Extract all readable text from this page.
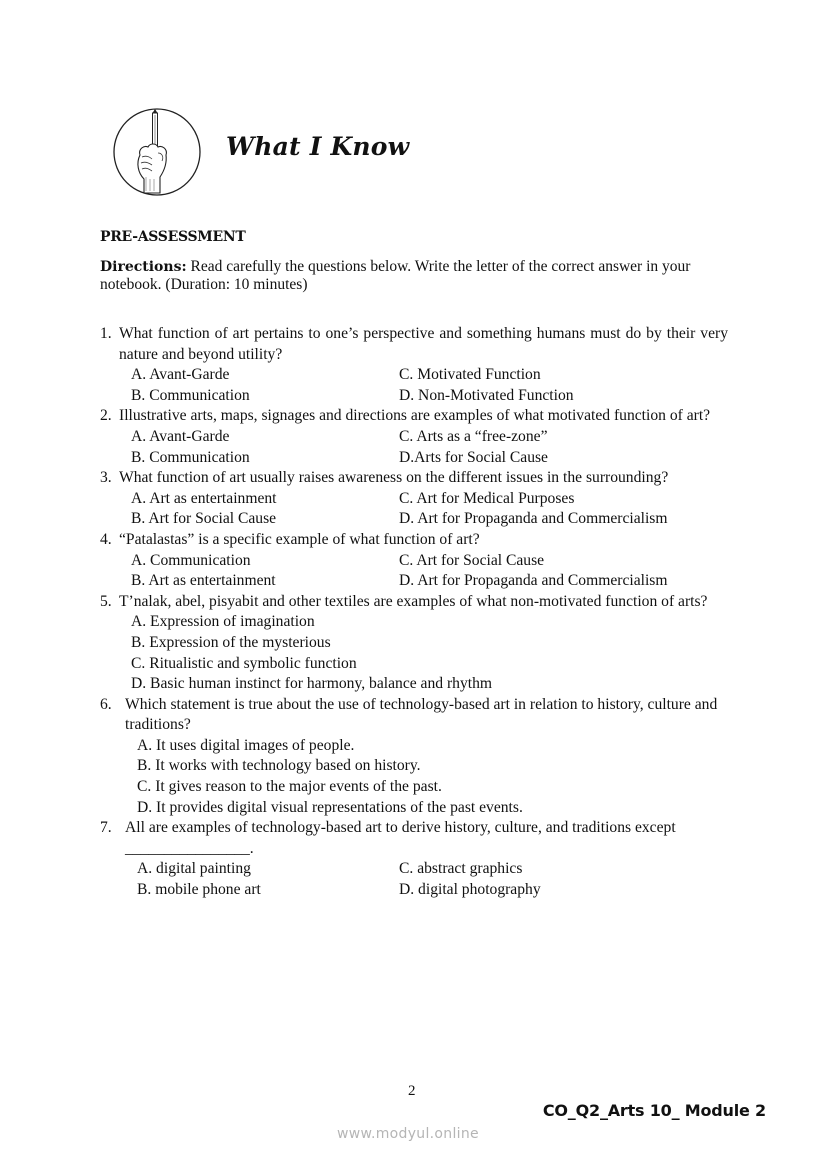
What I Know
PRE-ASSESSMENT
Directions: Read carefully the questions below. Write the letter of the correct answer in your notebook. (Duration: 10 minutes)
1. What function of art pertains to one’s perspective and something humans must do by their very nature and beyond utility?
A. Avant-Garde	C. Motivated Function
B. Communication	D. Non-Motivated Function
2. Illustrative arts, maps, signages and directions are examples of what motivated function of art?
A. Avant-Garde	C. Arts as a “free-zone”
B. Communication	D.Arts for Social Cause
3. What function of art usually raises awareness on the different issues in the surrounding?
A. Art as entertainment	C. Art for Medical Purposes
B. Art for Social Cause	D. Art for Propaganda and Commercialism
4. “Patalastas” is a specific example of what function of art?
A. Communication	C. Art for Social Cause
B. Art as entertainment	D. Art for Propaganda and Commercialism
5. T’nalak, abel, pisyabit and other textiles are examples of what non-motivated function of arts?
A. Expression of imagination
B. Expression of the mysterious
C. Ritualistic and symbolic function
D. Basic human instinct for harmony, balance and rhythm
6. Which statement is true about the use of technology-based art in relation to history, culture and traditions?
A. It uses digital images of people.
B. It works with technology based on history.
C. It gives reason to the major events of the past.
D. It provides digital visual representations of the past events.
7. All are examples of technology-based art to derive history, culture, and traditions except ________________.
A. digital painting	C. abstract graphics
B. mobile phone art	D. digital photography
2
CO_Q2_Arts 10_ Module 2
www.modyul.online
